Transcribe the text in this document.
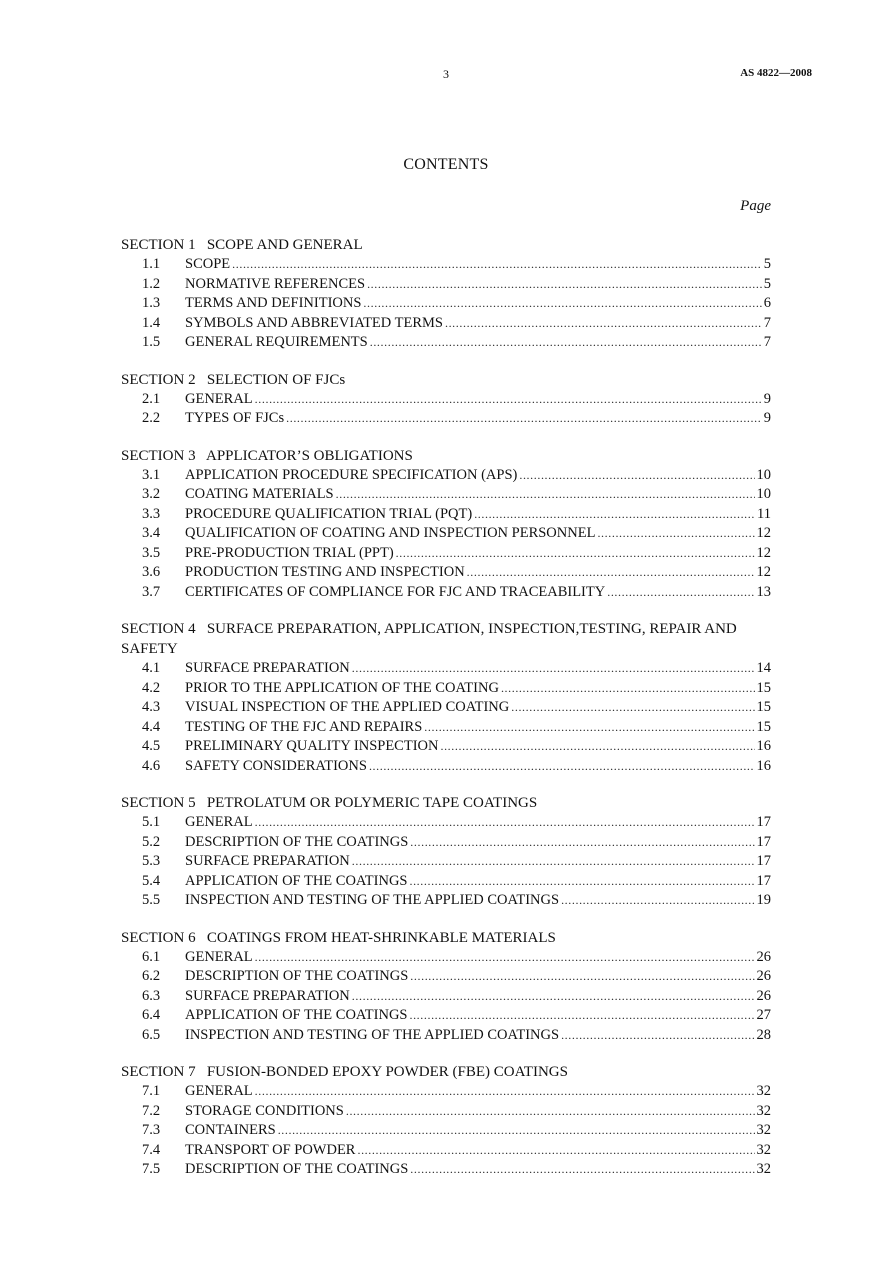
3	AS 4822—2008
CONTENTS
Page
SECTION 1   SCOPE AND GENERAL
1.1	SCOPE .....	5
1.2	NORMATIVE REFERENCES .....	5
1.3	TERMS AND DEFINITIONS .....	6
1.4	SYMBOLS AND ABBREVIATED TERMS .....	7
1.5	GENERAL REQUIREMENTS .....	7
SECTION 2   SELECTION OF FJCs
2.1	GENERAL .....	9
2.2	TYPES OF FJCs .....	9
SECTION 3   APPLICATOR’S OBLIGATIONS
3.1	APPLICATION PROCEDURE SPECIFICATION (APS) .....	10
3.2	COATING MATERIALS .....	10
3.3	PROCEDURE QUALIFICATION TRIAL (PQT) .....	11
3.4	QUALIFICATION OF COATING AND INSPECTION PERSONNEL .....	12
3.5	PRE-PRODUCTION TRIAL (PPT) .....	12
3.6	PRODUCTION TESTING AND INSPECTION .....	12
3.7	CERTIFICATES OF COMPLIANCE FOR FJC AND TRACEABILITY .....	13
SECTION 4   SURFACE PREPARATION, APPLICATION, INSPECTION,TESTING, REPAIR AND SAFETY
4.1	SURFACE PREPARATION .....	14
4.2	PRIOR TO THE APPLICATION OF THE COATING .....	15
4.3	VISUAL INSPECTION OF THE APPLIED COATING .....	15
4.4	TESTING OF THE FJC AND REPAIRS .....	15
4.5	PRELIMINARY QUALITY INSPECTION .....	16
4.6	SAFETY CONSIDERATIONS .....	16
SECTION 5   PETROLATUM OR POLYMERIC TAPE COATINGS
5.1	GENERAL .....	17
5.2	DESCRIPTION OF THE COATINGS .....	17
5.3	SURFACE PREPARATION .....	17
5.4	APPLICATION OF THE COATINGS .....	17
5.5	INSPECTION AND TESTING OF THE APPLIED COATINGS .....	19
SECTION 6   COATINGS FROM HEAT-SHRINKABLE MATERIALS
6.1	GENERAL .....	26
6.2	DESCRIPTION OF THE COATINGS .....	26
6.3	SURFACE PREPARATION .....	26
6.4	APPLICATION OF THE COATINGS .....	27
6.5	INSPECTION AND TESTING OF THE APPLIED COATINGS .....	28
SECTION 7   FUSION-BONDED EPOXY POWDER (FBE) COATINGS
7.1	GENERAL .....	32
7.2	STORAGE CONDITIONS .....	32
7.3	CONTAINERS .....	32
7.4	TRANSPORT OF POWDER .....	32
7.5	DESCRIPTION OF THE COATINGS .....	32
